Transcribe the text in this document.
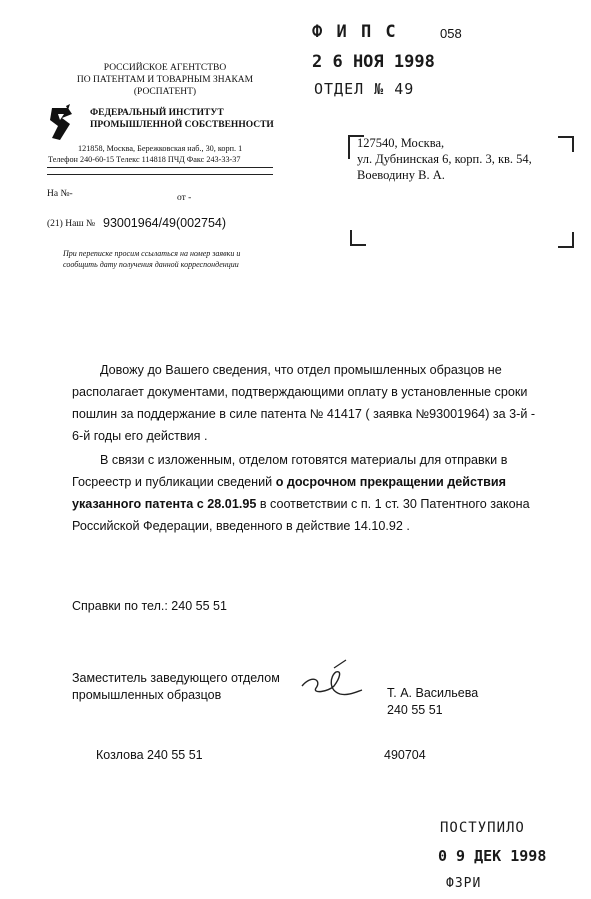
Ф И П С	058
2 6 НОЯ 1998
ОТДЕЛ № 49
РОССИЙСКОЕ АГЕНТСТВО
ПО ПАТЕНТАМ И ТОВАРНЫМ ЗНАКАМ
(РОСПАТЕНТ)
ФЕДЕРАЛЬНЫЙ ИНСТИТУТ
ПРОМЫШЛЕННОЙ СОБСТВЕННОСТИ
121858, Москва, Бережковская наб., 30, корп. 1
Телефон 240-60-15 Телекс 114818 ПЧД Факс 243-33-37
На №-	от -
(21) Наш № 93001964/49(002754)
При переписке просим ссылаться на номер заявки и
сообщить дату получения данной корреспонденции
127540, Москва,
ул. Дубнинская 6, корп. 3, кв. 54,
Воеводину В. А.

Довожу до Вашего сведения, что отдел промышленных образцов не располагает документами, подтверждающими оплату в установленные сроки пошлин за поддержание в силе патента № 41417 ( заявка №93001964) за 3-й - 6-й годы его действия .

В связи с изложенным, отделом готовятся материалы для отправки в Госреестр и публикации сведений о досрочном прекращении действия указанного патента с 28.01.95 в соответствии с п. 1 ст. 30 Патентного закона Российской Федерации, введенного в действие 14.10.92 .

Справки по тел.: 240 55 51
Заместитель заведующего отделом
промышленных образцов	Т. А. Васильева
240 55 51
Козлова 240 55 51	490704
ПОСТУПИЛО
0 9 ДЕК 1998
ФЗРИ
